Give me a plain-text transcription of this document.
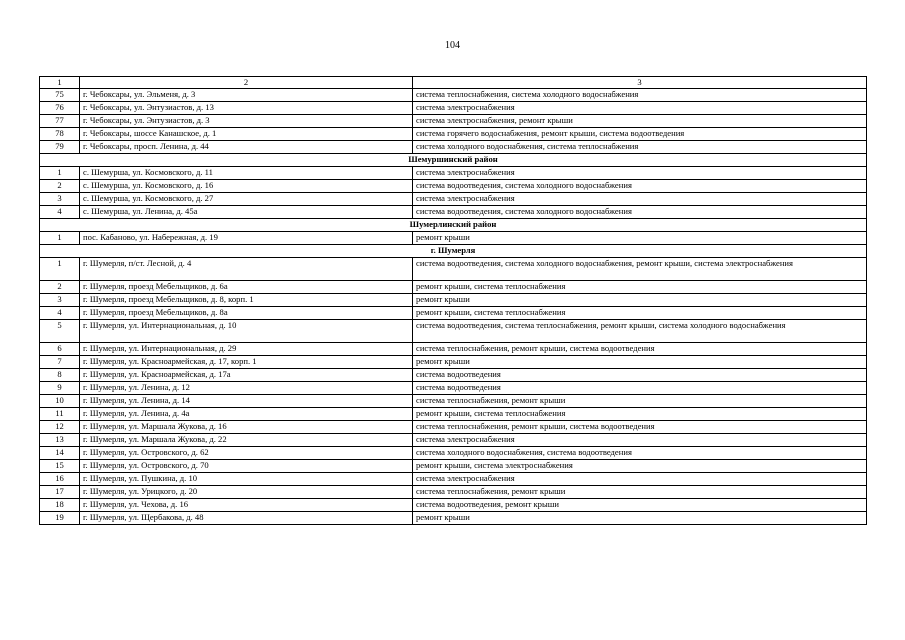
104
1	2	3
75	г. Чебоксары, ул. Эльменя, д. 3	система теплоснабжения, система холодного водоснабжения
76	г. Чебоксары, ул. Энтузиастов, д. 13	система электроснабжения
77	г. Чебоксары, ул. Энтузиастов, д. 3	система электроснабжения, ремонт крыши
78	г. Чебоксары, шоссе Канашское, д. 1	система горячего водоснабжения, ремонт крыши, система водоотведения
79	г. Чебоксары, просп. Ленина, д. 44	система холодного водоснабжения, система теплоснабжения
Шемуршинский район		
1	с. Шемурша, ул. Космовского, д. 11	система электроснабжения
2	с. Шемурша, ул. Космовского, д. 16	система водоотведения, система холодного водоснабжения
3	с. Шемурша, ул. Космовского, д. 27	система электроснабжения
4	с. Шемурша, ул. Ленина, д. 45а	система водоотведения, система холодного водоснабжения
Шумерлинский район		
1	пос. Кабаново, ул. Набережная, д. 19	ремонт крыши
г. Шумерля		
1	г. Шумерля, п/ст. Лесной, д. 4	система водоотведения, система холодного водоснабжения, ремонт крыши, система электроснабжения
2	г. Шумерля, проезд Мебельщиков, д. 6а	ремонт крыши, система теплоснабжения
3	г. Шумерля, проезд Мебельщиков, д. 8, корп. 1	ремонт крыши
4	г. Шумерля, проезд Мебельщиков, д. 8а	ремонт крыши, система теплоснабжения
5	г. Шумерля, ул. Интернациональная, д. 10	система водоотведения, система теплоснабжения, ремонт крыши, система холодного водоснабжения
6	г. Шумерля, ул. Интернациональная, д. 29	система теплоснабжения, ремонт крыши, система водоотведения
7	г. Шумерля, ул. Красноармейская, д. 17, корп. 1	ремонт крыши
8	г. Шумерля, ул. Красноармейская, д. 17а	система водоотведения
9	г. Шумерля, ул. Ленина, д. 12	система водоотведения
10	г. Шумерля, ул. Ленина, д. 14	система теплоснабжения, ремонт крыши
11	г. Шумерля, ул. Ленина, д. 4а	ремонт крыши, система теплоснабжения
12	г. Шумерля, ул. Маршала Жукова, д. 16	система теплоснабжения, ремонт крыши, система водоотведения
13	г. Шумерля, ул. Маршала Жукова, д. 22	система электроснабжения
14	г. Шумерля, ул. Островского, д. 62	система холодного водоснабжения, система водоотведения
15	г. Шумерля, ул. Островского, д. 70	ремонт крыши, система электроснабжения
16	г. Шумерля, ул. Пушкина, д. 10	система электроснабжения
17	г. Шумерля, ул. Урицкого, д. 20	система теплоснабжения, ремонт крыши
18	г. Шумерля, ул. Чехова, д. 16	система водоотведения, ремонт крыши
19	г. Шумерля, ул. Щербакова, д. 48	ремонт крыши
